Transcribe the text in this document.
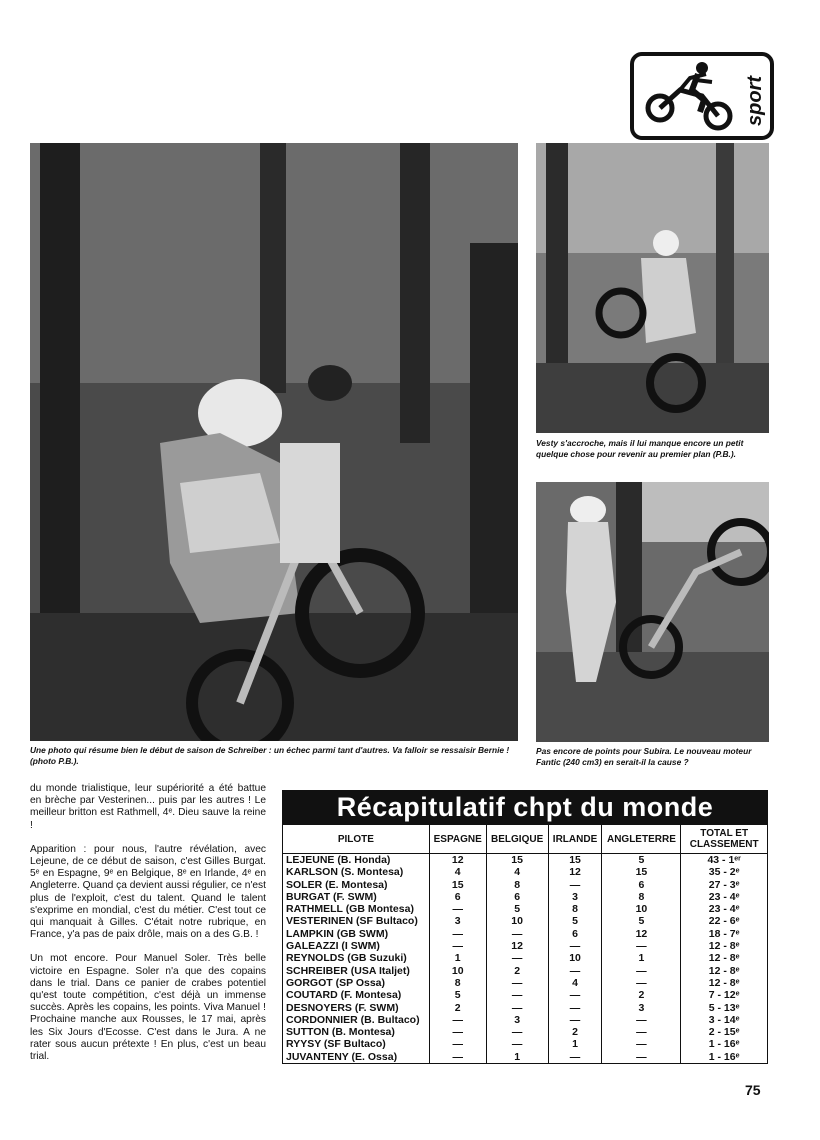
sport
Une photo qui résume bien le début de saison de Schreiber : un échec parmi tant d'autres. Va falloir se ressaisir Bernie ! (photo P.B.).
Vesty s'accroche, mais il lui manque encore un petit quelque chose pour revenir au premier plan (P.B.).
Pas encore de points pour Subira. Le nouveau moteur Fantic (240 cm3) en serait-il la cause ?

du monde trialistique, leur supériorité a été battue en brèche par Vesterinen... puis par les autres ! Le meilleur britton est Rathmell, 4ᵉ. Dieu sauve la reine !

Apparition : pour nous, l'autre révélation, avec Lejeune, de ce début de saison, c'est Gilles Burgat. 5ᵉ en Espagne, 9ᵉ en Belgique, 8ᵉ en Irlande, 4ᵉ en Angleterre. Quand ça devient aussi régulier, ce n'est plus de l'exploit, c'est du talent. Quand le talent s'exprime en mondial, c'est du métier. C'est tout ce qui manquait à Gilles. C'était notre rubrique, en France, y'a pas de paix drôle, mais on a des G.B. !

Un mot encore. Pour Manuel Soler. Très belle victoire en Espagne. Soler n'a que des copains dans le trial. Dans ce panier de crabes potentiel qu'est toute compétition, c'est déjà un immense succès. Après les copains, les points. Viva Manuel ! Prochaine manche aux Rousses, le 17 mai, après les Six Jours d'Ecosse. C'est dans le Jura. A ne rater sous aucun prétexte ! En plus, c'est un beau trial.

Récapitulatif chpt du monde
PILOTE	ESPAGNE	BELGIQUE	IRLANDE	ANGLETERRE	TOTAL ET CLASSEMENT
LEJEUNE (B. Honda)	12	15	15	5	43 - 1ᵉʳ
KARLSON (S. Montesa)	4	4	12	15	35 - 2ᵉ
SOLER (E. Montesa)	15	8	—	6	27 - 3ᵉ
BURGAT (F. SWM)	6	6	3	8	23 - 4ᵉ
RATHMELL (GB Montesa)	—	5	8	10	23 - 4ᵉ
VESTERINEN (SF Bultaco)	3	10	5	5	22 - 6ᵉ
LAMPKIN (GB SWM)	—	—	6	12	18 - 7ᵉ
GALEAZZI (I SWM)	—	12	—	—	12 - 8ᵉ
REYNOLDS (GB Suzuki)	1	—	10	1	12 - 8ᵉ
SCHREIBER (USA Italjet)	10	2	—	—	12 - 8ᵉ
GORGOT (SP Ossa)	8	—	4	—	12 - 8ᵉ
COUTARD (F. Montesa)	5	—	—	2	7 - 12ᵉ
DESNOYERS (F. SWM)	2	—	—	3	5 - 13ᵉ
CORDONNIER (B. Bultaco)	—	3	—	—	3 - 14ᵉ
SUTTON (B. Montesa)	—	—	2	—	2 - 15ᵉ
RYYSY (SF Bultaco)	—	—	1	—	1 - 16ᵉ
JUVANTENY (E. Ossa)	—	1	—	—	1 - 16ᵉ
75
